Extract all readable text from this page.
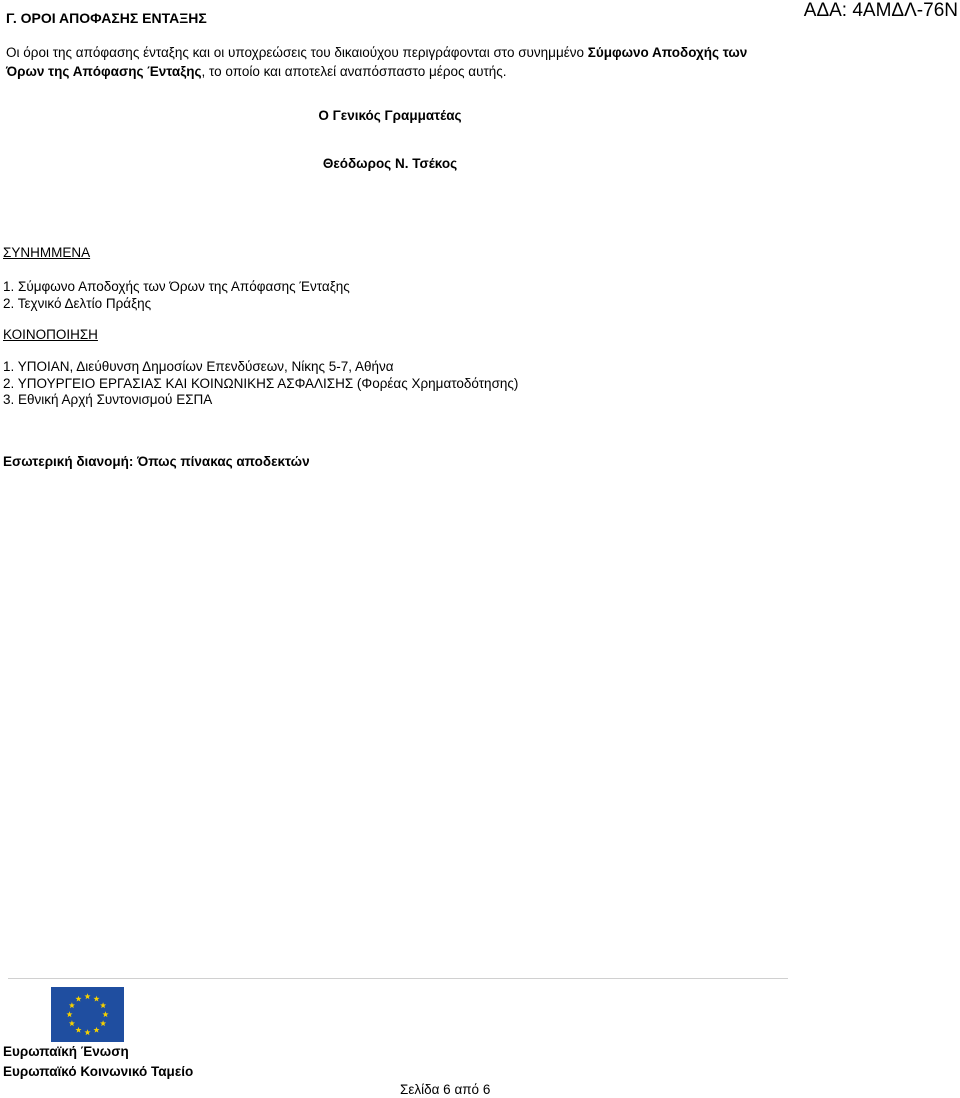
Γ. ΟΡΟΙ ΑΠΟΦΑΣΗΣ ΕΝΤΑΞΗΣ	ΑΔΑ: 4ΑΜΔΛ-76Ν
Οι όροι της απόφασης ένταξης και οι υποχρεώσεις του δικαιούχου περιγράφονται στο συνημμένο Σύμφωνο Αποδοχής των Όρων της Απόφασης Ένταξης, το οποίο και αποτελεί αναπόσπαστο μέρος αυτής.
Ο Γενικός Γραμματέας
Θεόδωρος Ν. Τσέκος
ΣΥΝΗΜΜΕΝΑ
1. Σύμφωνο Αποδοχής των Όρων της Απόφασης Ένταξης
2. Τεχνικό Δελτίο Πράξης
ΚΟΙΝΟΠΟΙΗΣΗ
1. ΥΠΟΙΑΝ, Διεύθυνση Δημοσίων Επενδύσεων, Νίκης 5-7, Αθήνα
2. ΥΠΟΥΡΓΕΙΟ ΕΡΓΑΣΙΑΣ ΚΑΙ ΚΟΙΝΩΝΙΚΗΣ ΑΣΦΑΛΙΣΗΣ (Φορέας Χρηματοδότησης)
3. Εθνική Αρχή Συντονισμού ΕΣΠΑ
Εσωτερική διανομή: Όπως πίνακας αποδεκτών
Ευρωπαϊκή Ένωση
Ευρωπαϊκό Κοινωνικό Ταμείο
Σελίδα 6 από 6
